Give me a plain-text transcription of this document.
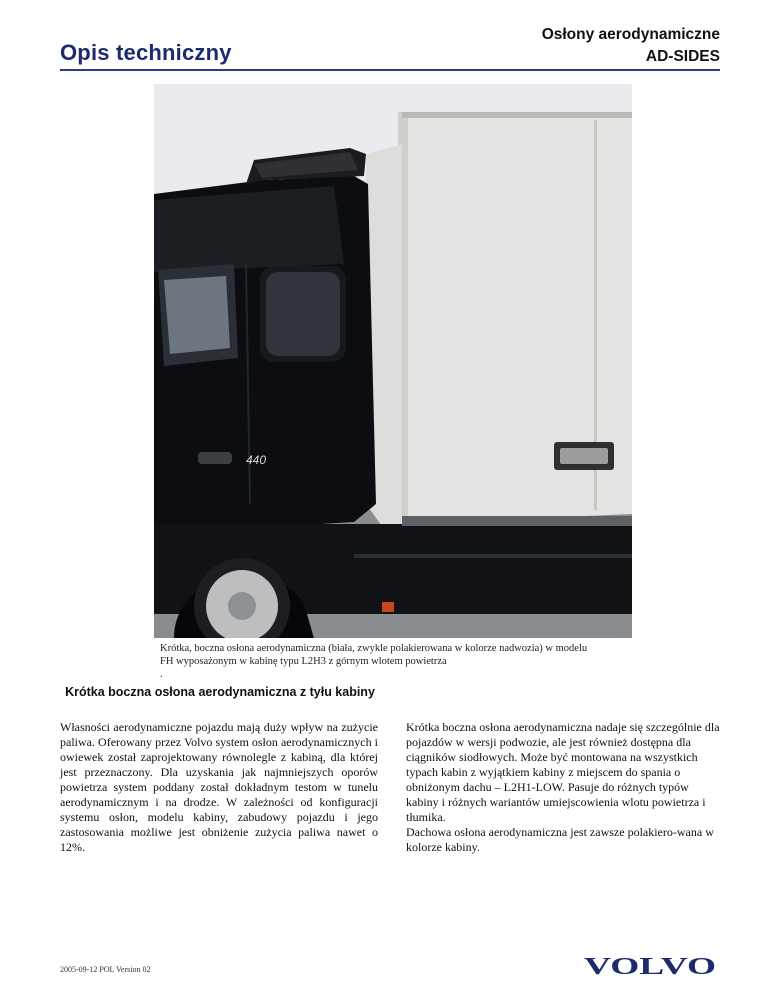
Opis techniczny
Osłony aerodynamiczne
AD-SIDES
440
Krótka, boczna osłona aerodynamiczna (biała, zwykle polakierowana w kolorze nadwozia) w modelu
FH wyposażonym w kabinę typu L2H3 z górnym wlotem powietrza

.
Krótka boczna osłona aerodynamiczna z tyłu kabiny

Własności aerodynamiczne pojazdu mają duży wpływ na zużycie paliwa. Oferowany przez Volvo system osłon aerodynamicznych i owiewek został zaprojektowany równolegle z kabiną, dla której jest przeznaczony. Dla uzyskania jak najmniejszych oporów powietrza system poddany został dokładnym testom w tunelu aerodynamicznym i na drodze. W zależności od konfiguracji systemu osłon, modelu kabiny, zabudowy pojazdu i jego zastosowania możliwe jest obniżenie zużycia paliwa nawet o 12%.

Krótka boczna osłona aerodynamiczna nadaje się szczególnie dla pojazdów w wersji podwozie, ale jest również dostępna dla ciągników siodłowych. Może być montowana na wszystkich typach kabin z wyjątkiem kabiny z miejscem do spania o obniżonym dachu – L2H1-LOW. Pasuje do różnych typów kabiny i różnych wariantów umiejscowienia wlotu powietrza i tłumika.

Dachowa osłona aerodynamiczna jest zawsze polakiero-wana w kolorze kabiny.

2005-09-12 POL Version 02	VOLVO
